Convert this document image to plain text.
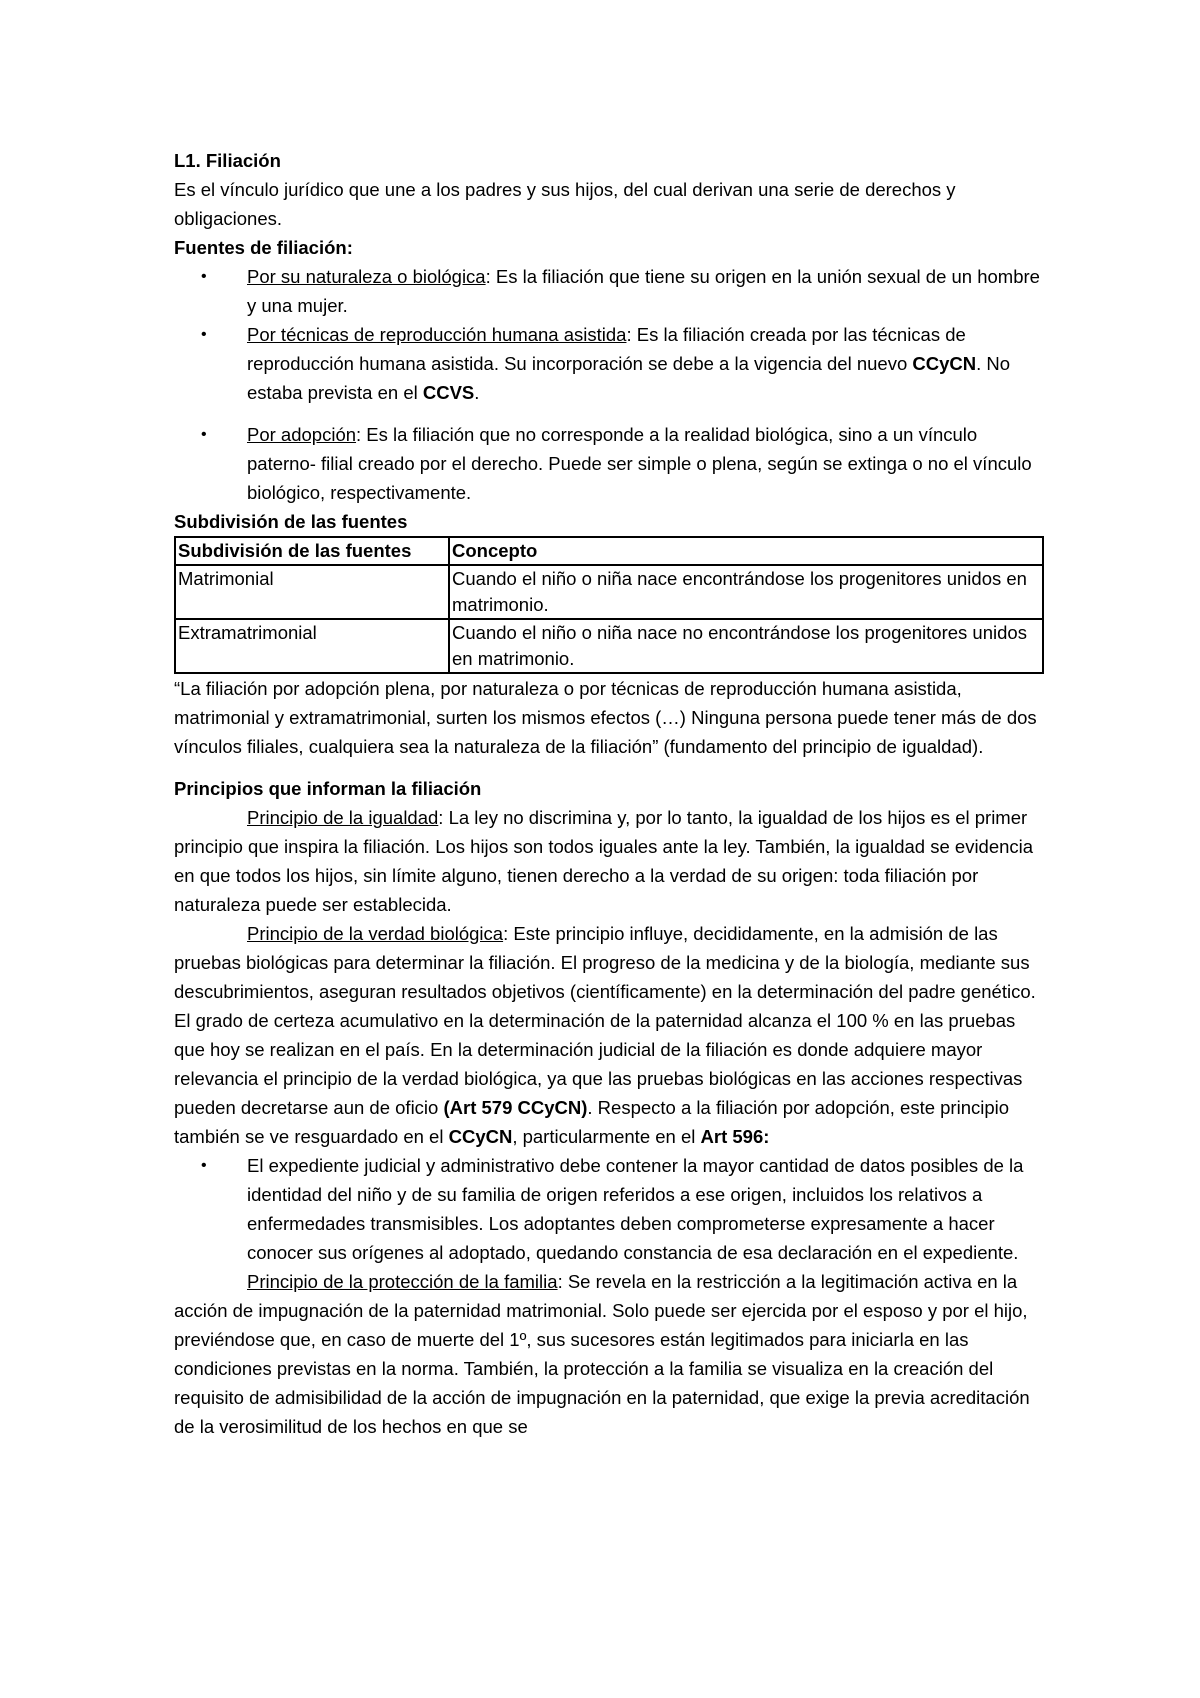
L1. Filiación

Es el vínculo jurídico que une a los padres y sus hijos, del cual derivan una serie de derechos y obligaciones.

Fuentes de filiación:

• Por su naturaleza o biológica: Es la filiación que tiene su origen en la unión sexual de un hombre y una mujer.
• Por técnicas de reproducción humana asistida: Es la filiación creada por las técnicas de reproducción humana asistida. Su incorporación se debe a la vigencia del nuevo CCyCN. No estaba prevista en el CCVS.
• Por adopción: Es la filiación que no corresponde a la realidad biológica, sino a un vínculo paterno- filial creado por el derecho. Puede ser simple o plena, según se extinga o no el vínculo biológico, respectivamente.

Subdivisión de las fuentes

Subdivisión de las fuentes	Concepto
Matrimonial	Cuando el niño o niña nace encontrándose los progenitores unidos en matrimonio.
Extramatrimonial	Cuando el niño o niña nace no encontrándose los progenitores unidos en matrimonio.

“La filiación por adopción plena, por naturaleza o por técnicas de reproducción humana asistida, matrimonial y extramatrimonial, surten los mismos efectos (…) Ninguna persona puede tener más de dos vínculos filiales, cualquiera sea la naturaleza de la filiación” (fundamento del principio de igualdad).

Principios que informan la filiación

Principio de la igualdad: La ley no discrimina y, por lo tanto, la igualdad de los hijos es el primer principio que inspira la filiación. Los hijos son todos iguales ante la ley. También, la igualdad se evidencia en que todos los hijos, sin límite alguno, tienen derecho a la verdad de su origen: toda filiación por naturaleza puede ser establecida.

Principio de la verdad biológica: Este principio influye, decididamente, en la admisión de las pruebas biológicas para determinar la filiación. El progreso de la medicina y de la biología, mediante sus descubrimientos, aseguran resultados objetivos (científicamente) en la determinación del padre genético. El grado de certeza acumulativo en la determinación de la paternidad alcanza el 100 % en las pruebas que hoy se realizan en el país. En la determinación judicial de la filiación es donde adquiere mayor relevancia el principio de la verdad biológica, ya que las pruebas biológicas en las acciones respectivas pueden decretarse aun de oficio (Art 579 CCyCN). Respecto a la filiación por adopción, este principio también se ve resguardado en el CCyCN, particularmente en el Art 596:

• El expediente judicial y administrativo debe contener la mayor cantidad de datos posibles de la identidad del niño y de su familia de origen referidos a ese origen, incluidos los relativos a enfermedades transmisibles. Los adoptantes deben comprometerse expresamente a hacer conocer sus orígenes al adoptado, quedando constancia de esa declaración en el expediente.

Principio de la protección de la familia: Se revela en la restricción a la legitimación activa en la acción de impugnación de la paternidad matrimonial. Solo puede ser ejercida por el esposo y por el hijo, previéndose que, en caso de muerte del 1º, sus sucesores están legitimados para iniciarla en las condiciones previstas en la norma. También, la protección a la familia se visualiza en la creación del requisito de admisibilidad de la acción de impugnación en la paternidad, que exige la previa acreditación de la verosimilitud de los hechos en que se
